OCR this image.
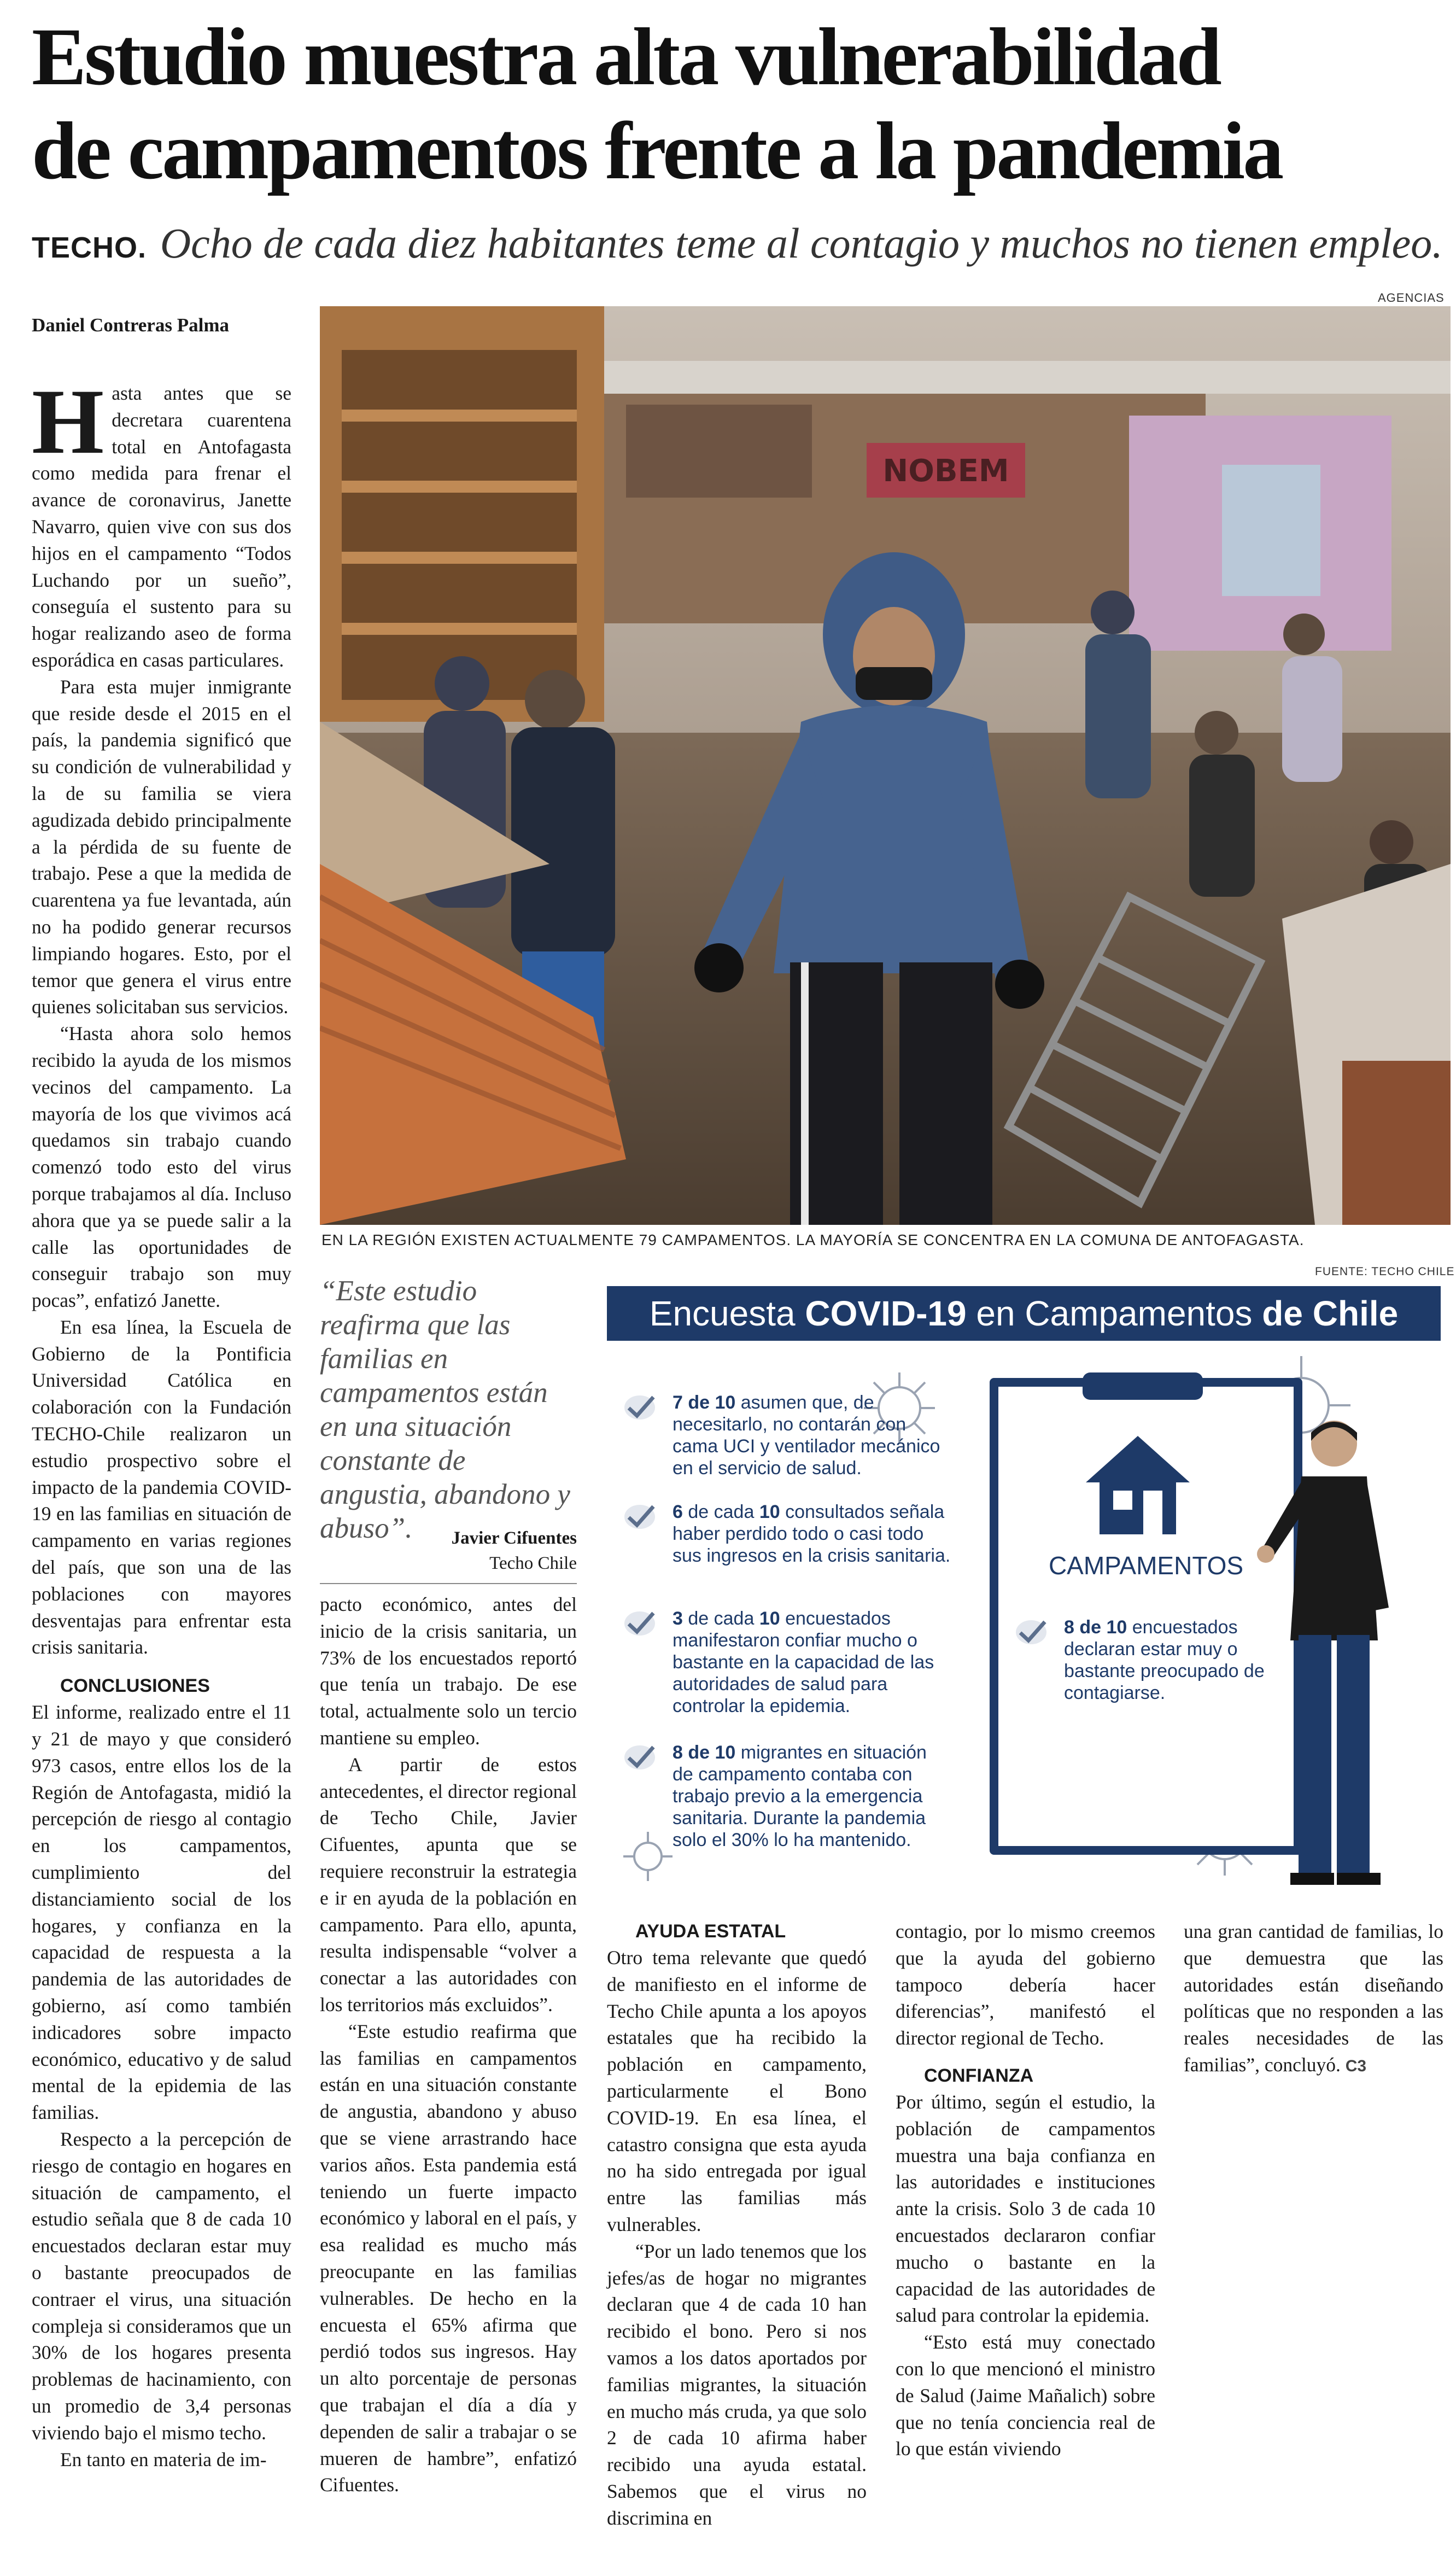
Estudio muestra alta vulnerabilidad
de campamentos frente a la pandemia
TECHO. Ocho de cada diez habitantes teme al contagio y muchos no tienen empleo.
Daniel Contreras Palma
AGENCIAS
NOBEM
EN LA REGIÓN EXISTEN ACTUALMENTE 79 CAMPAMENTOS. LA MAYORÍA SE CONCENTRA EN LA COMUNA DE ANTOFAGASTA.

Hasta antes que se decretara cuarentena total en Antofagasta como medida para frenar el avance de coronavirus, Janette Navarro, quien vive con sus dos hijos en el campamento “Todos Luchando por un sueño”, conseguía el sustento para su hogar realizando aseo de forma esporádica en casas particulares.

Para esta mujer inmigrante que reside desde el 2015 en el país, la pandemia significó que su condición de vulnerabilidad y la de su familia se viera agudizada debido principalmente a la pérdida de su fuente de trabajo. Pese a que la medida de cuarentena ya fue levantada, aún no ha podido generar recursos limpiando hogares. Esto, por el temor que genera el virus entre quienes solicitaban sus servicios.

“Hasta ahora solo hemos recibido la ayuda de los mismos vecinos del campamento. La mayoría de los que vivimos acá quedamos sin trabajo cuando comenzó todo esto del virus porque trabajamos al día. Incluso ahora que ya se puede salir a la calle las oportunidades de conseguir trabajo son muy pocas”, enfatizó Janette.

En esa línea, la Escuela de Gobierno de la Pontificia Universidad Católica en colaboración con la Fundación TECHO-Chile realizaron un estudio prospectivo sobre el impacto de la pandemia COVID-19 en las familias en situación de campamento en varias regiones del país, que son una de las poblaciones con mayores desventajas para enfrentar esta crisis sanitaria.

CONCLUSIONES

El informe, realizado entre el 11 y 21 de mayo y que consideró 973 casos, entre ellos los de la Región de Antofagasta, midió la percepción de riesgo al contagio en los campamentos, cumplimiento del distanciamiento social de los hogares, y confianza en la capacidad de respuesta a la pandemia de las autoridades de gobierno, así como también indicadores sobre impacto económico, educativo y de salud mental de la epidemia de las familias.

Respecto a la percepción de riesgo de contagio en hogares en situación de campamento, el estudio señala que 8 de cada 10 encuestados declaran estar muy o bastante preocupados de contraer el virus, una situación compleja si consideramos que un 30% de los hogares presenta problemas de hacinamiento, con un promedio de 3,4 personas viviendo bajo el mismo techo.

En tanto en materia de im-

“Este estudio reafirma que las familias en campamentos están en una situación constante de angustia, abandono y abuso”.	Javier Cifuentes
Techo Chile

pacto económico, antes del inicio de la crisis sanitaria, un 73% de los encuestados reportó que tenía un trabajo. De ese total, actualmente solo un tercio mantiene su empleo.

A partir de estos antecedentes, el director regional de Techo Chile, Javier Cifuentes, apunta que se requiere reconstruir la estrategia e ir en ayuda de la población en campamento. Para ello, apunta, resulta indispensable “volver a conectar a las autoridades con los territorios más excluidos”.

“Este estudio reafirma que las familias en campamentos están en una situación constante de angustia, abandono y abuso que se viene arrastrando hace varios años. Esta pandemia está teniendo un fuerte impacto económico y laboral en el país, y esa realidad es mucho más preocupante en las familias vulnerables. De hecho en la encuesta el 65% afirma que perdió todos sus ingresos. Hay un alto porcentaje de personas que trabajan el día a día y dependen de salir a trabajar o se mueren de hambre”, enfatizó Cifuentes.

FUENTE: TECHO CHILE
Encuesta COVID-19 en Campamentos de Chile
7 de 10 asumen que, de necesitarlo, no contarán con cama UCI y ventilador mecánico en el servicio de salud.
6 de cada 10 consultados señala haber perdido todo o casi todo sus ingresos en la crisis sanitaria.
3 de cada 10 encuestados manifestaron confiar mucho o bastante en la capacidad de las autoridades de salud para controlar la epidemia.
8 de 10 migrantes en situación de campamento contaba con trabajo previo a la emergencia sanitaria. Durante la pandemia solo el 30% lo ha mantenido.
CAMPAMENTOS
8 de 10 encuestados declaran estar muy o bastante preocupado de contagiarse.

AYUDA ESTATAL

Otro tema relevante que quedó de manifiesto en el informe de Techo Chile apunta a los apoyos estatales que ha recibido la población en campamento, particularmente el Bono COVID-19. En esa línea, el catastro consigna que esta ayuda no ha sido entregada por igual entre las familias más vulnerables.

“Por un lado tenemos que los jefes/as de hogar no migrantes declaran que 4 de cada 10 han recibido el bono. Pero si nos vamos a los datos aportados por familias migrantes, la situación en mucho más cruda, ya que solo 2 de cada 10 afirma haber recibido una ayuda estatal. Sabemos que el virus no discrimina en

contagio, por lo mismo creemos que la ayuda del gobierno tampoco debería hacer diferencias”, manifestó el director regional de Techo.

CONFIANZA

Por último, según el estudio, la población de campamentos muestra una baja confianza en las autoridades e instituciones ante la crisis. Solo 3 de cada 10 encuestados declararon confiar mucho o bastante en la capacidad de las autoridades de salud para controlar la epidemia.

“Esto está muy conectado con lo que mencionó el ministro de Salud (Jaime Mañalich) sobre que no tenía conciencia real de lo que están viviendo

una gran cantidad de familias, lo que demuestra que las autoridades están diseñando políticas que no responden a las reales necesidades de las familias”, concluyó. C3
